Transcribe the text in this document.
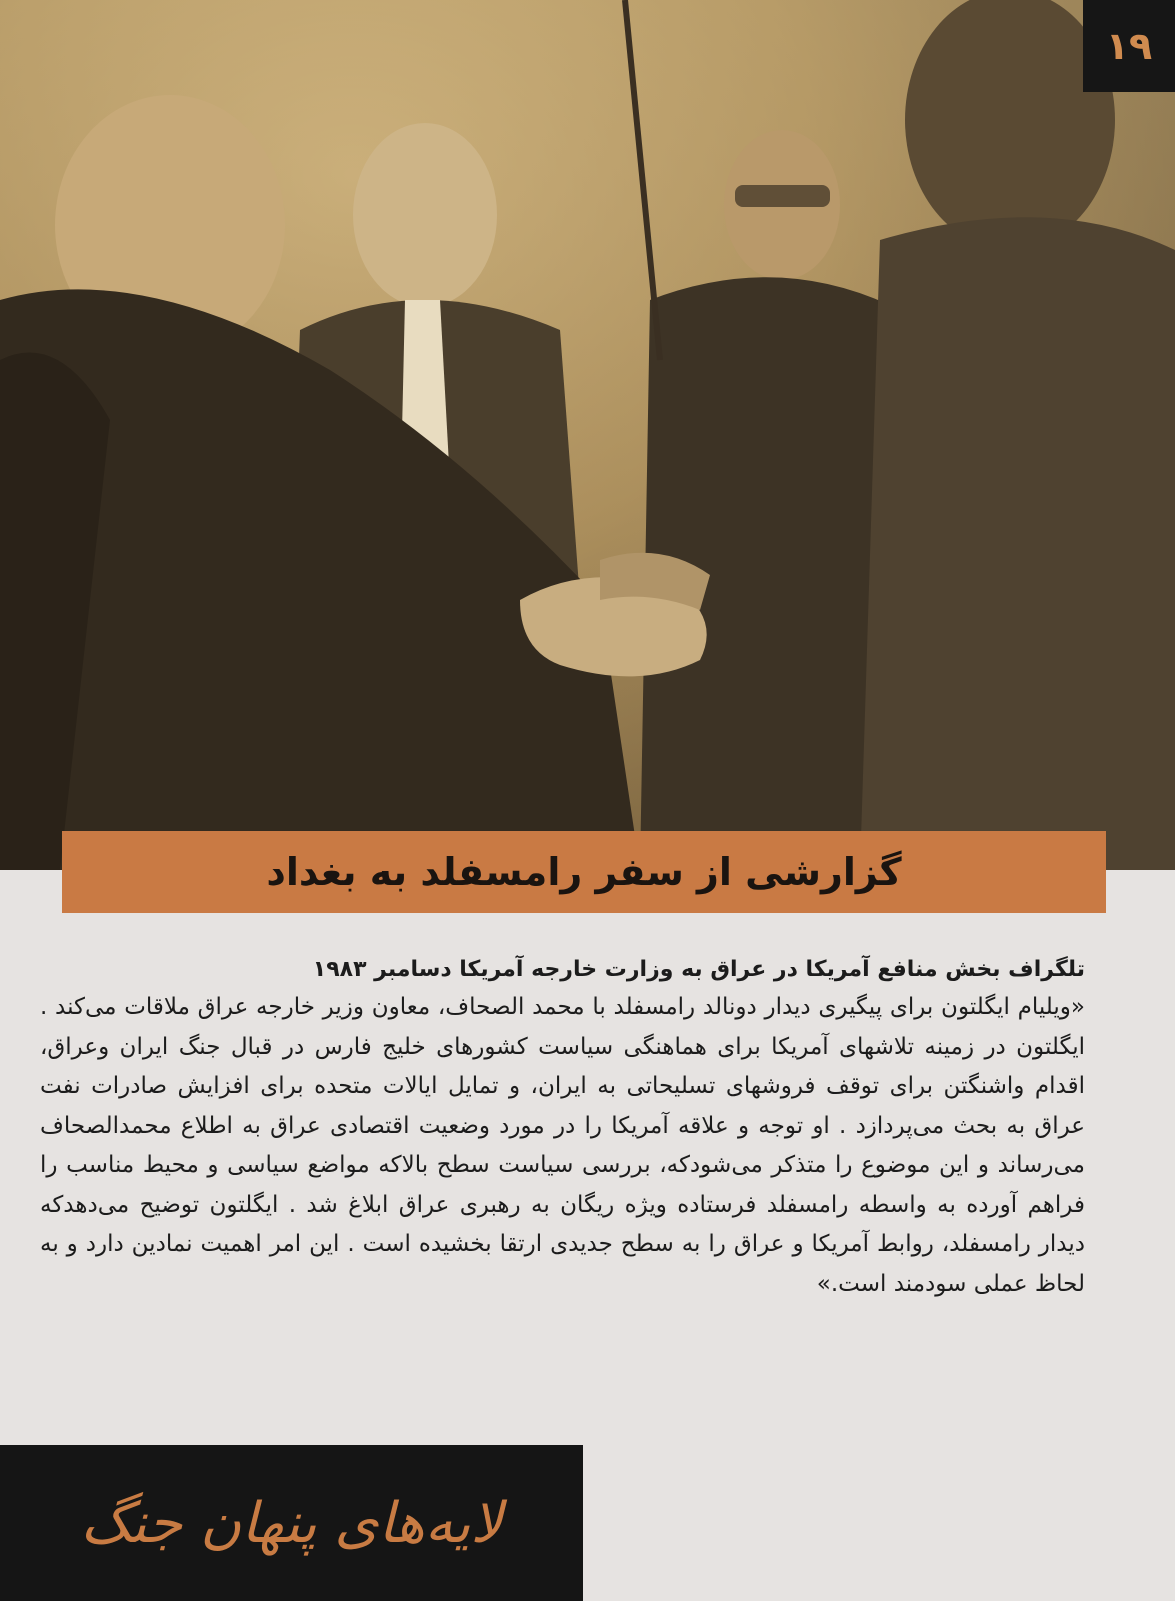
١٩
گزارشی از سفر رامسفلد به بغداد

تلگراف بخش منافع آمریکا در عراق به وزارت خارجه آمریکا دسامبر ۱۹۸۳

«ویلیام ایگلتون برای پیگیری دیدار دونالد رامسفلد با محمد الصحاف، معاون وزیر خارجه عراق ملاقات می‌کند . ایگلتون در زمینه تلاشهای آمریکا برای هماهنگی سیاست کشورهای خلیج فارس در قبال جنگ ایران وعراق، اقدام واشنگتن برای توقف فروشهای تسلیحاتی به ایران، و تمایل ایالات متحده برای افزایش صادرات نفت عراق به بحث می‌پردازد . او توجه و علاقه آمریکا را در مورد وضعیت اقتصادی عراق به اطلاع محمدالصحاف می‌رساند و این موضوع را متذکر می‌شودکه، بررسی سیاست سطح بالاکه مواضع سیاسی و محیط مناسب را فراهم آورده به واسطه رامسفلد فرستاده ویژه ریگان به رهبری عراق ابلاغ شد . ایگلتون توضیح می‌دهدکه دیدار رامسفلد، روابط آمریکا و عراق را به سطح جدیدی ارتقا بخشیده است . این امر اهمیت نمادین دارد و به لحاظ عملی سودمند است.»

لایه‌های پنهان جنگ
